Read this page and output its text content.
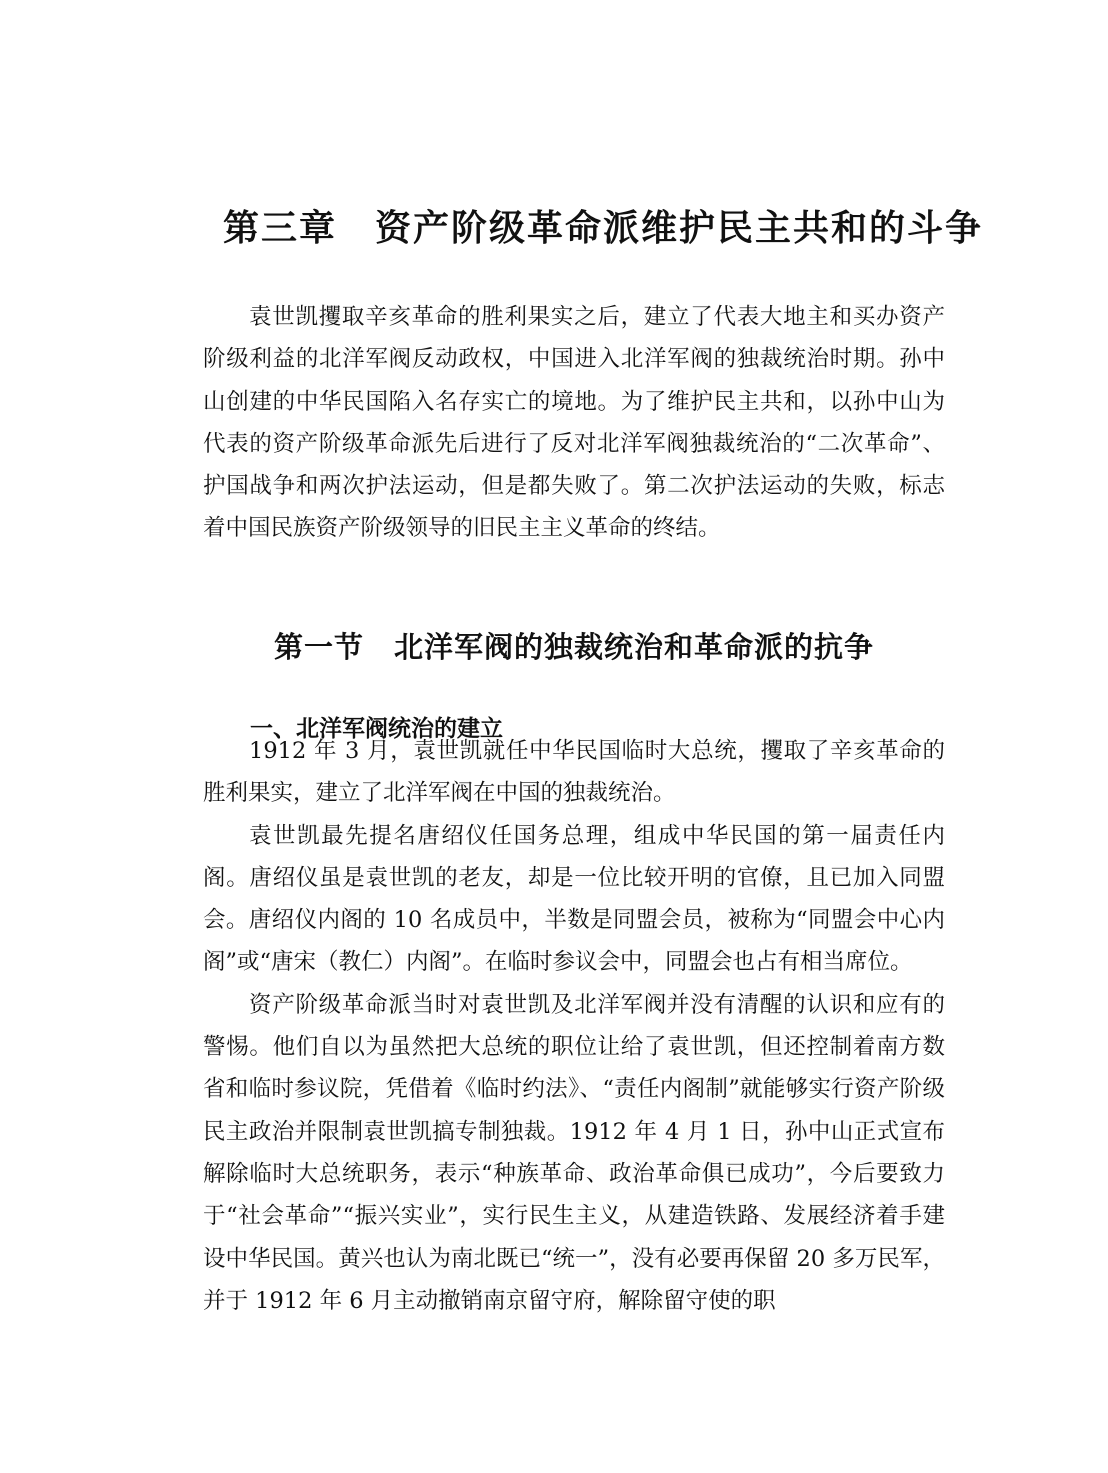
第三章　资产阶级革命派维护民主共和的斗争

袁世凯攫取辛亥革命的胜利果实之后，建立了代表大地主和买办资产阶级利益的北洋军阀反动政权，中国进入北洋军阀的独裁统治时期。孙中山创建的中华民国陷入名存实亡的境地。为了维护民主共和，以孙中山为代表的资产阶级革命派先后进行了反对北洋军阀独裁统治的“二次革命”、护国战争和两次护法运动，但是都失败了。第二次护法运动的失败，标志着中国民族资产阶级领导的旧民主主义革命的终结。

第一节　北洋军阀的独裁统治和革命派的抗争
一、北洋军阀统治的建立

1912 年 3 月，袁世凯就任中华民国临时大总统，攫取了辛亥革命的胜利果实，建立了北洋军阀在中国的独裁统治。

袁世凯最先提名唐绍仪任国务总理，组成中华民国的第一届责任内阁。唐绍仪虽是袁世凯的老友，却是一位比较开明的官僚，且已加入同盟会。唐绍仪内阁的 10 名成员中，半数是同盟会员，被称为“同盟会中心内阁”或“唐宋（教仁）内阁”。在临时参议会中，同盟会也占有相当席位。

资产阶级革命派当时对袁世凯及北洋军阀并没有清醒的认识和应有的警惕。他们自以为虽然把大总统的职位让给了袁世凯，但还控制着南方数省和临时参议院，凭借着《临时约法》、“责任内阁制”就能够实行资产阶级民主政治并限制袁世凯搞专制独裁。1912 年 4 月 1 日，孙中山正式宣布解除临时大总统职务，表示“种族革命、政治革命俱已成功”，今后要致力于“社会革命”“振兴实业”，实行民生主义，从建造铁路、发展经济着手建设中华民国。黄兴也认为南北既已“统一”，没有必要再保留 20 多万民军，并于 1912 年 6 月主动撤销南京留守府，解除留守使的职
